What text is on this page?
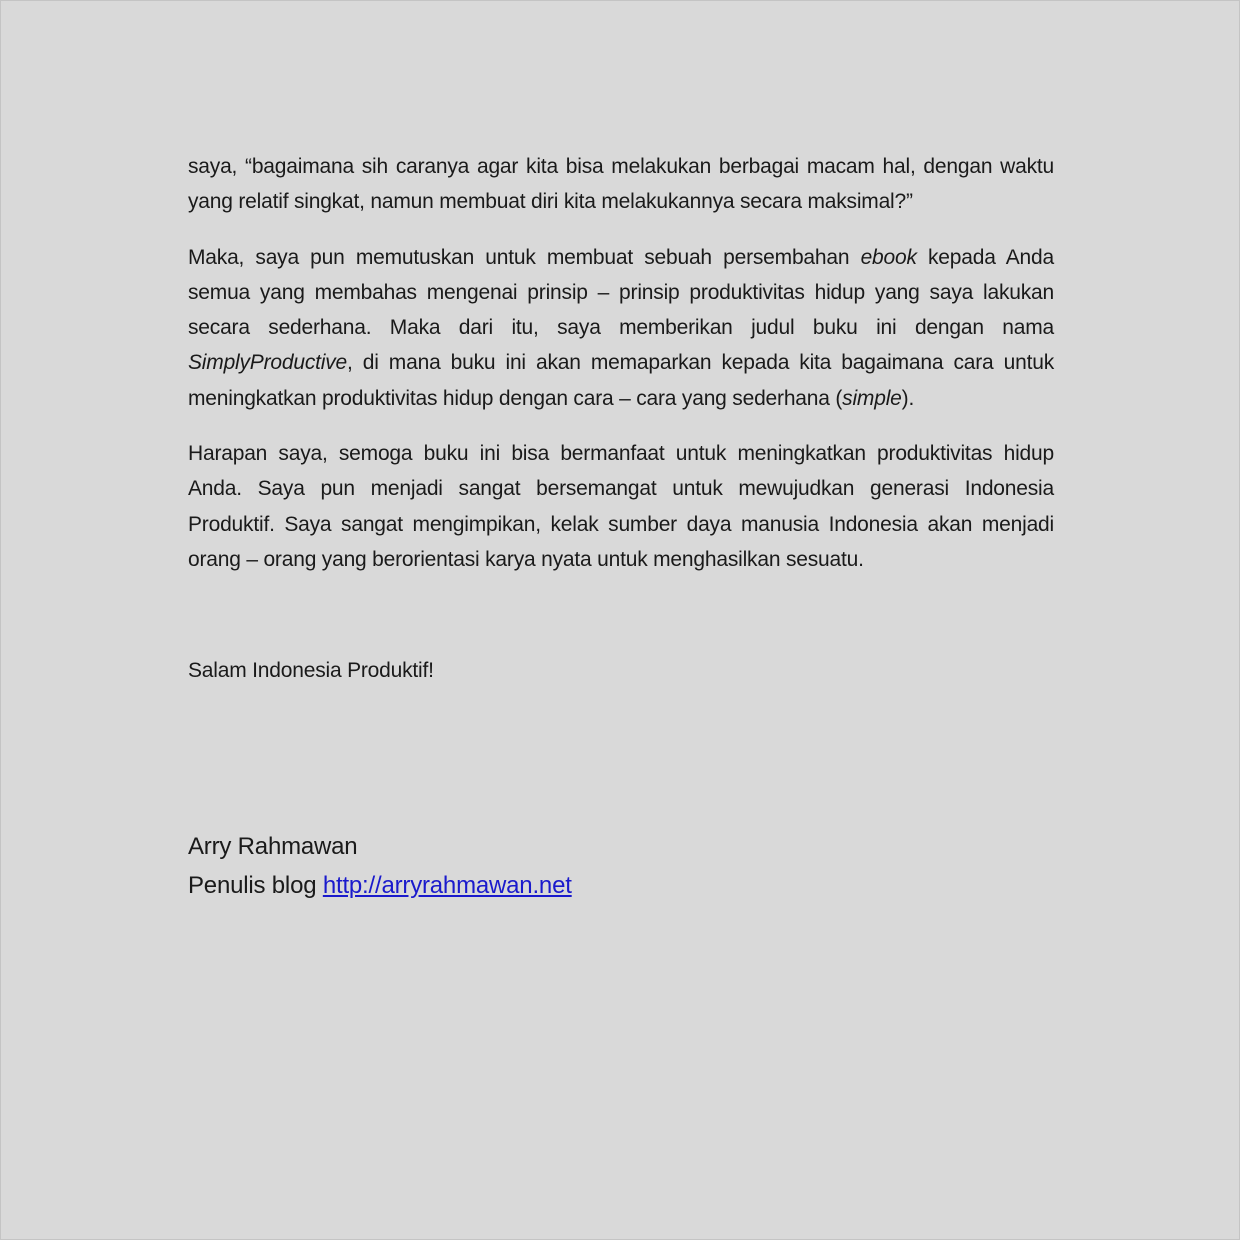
saya, “bagaimana sih caranya agar kita bisa melakukan berbagai macam hal, dengan waktu yang relatif singkat, namun membuat diri kita melakukannya secara maksimal?”

Maka, saya pun memutuskan untuk membuat sebuah persembahan ebook kepada Anda semua yang membahas mengenai prinsip – prinsip produktivitas hidup yang saya lakukan secara sederhana. Maka dari itu, saya memberikan judul buku ini dengan nama SimplyProductive, di mana buku ini akan memaparkan kepada kita bagaimana cara untuk meningkatkan produktivitas hidup dengan cara – cara yang sederhana (simple).

Harapan saya, semoga buku ini bisa bermanfaat untuk meningkatkan produktivitas hidup Anda. Saya pun menjadi sangat bersemangat untuk mewujudkan generasi Indonesia Produktif. Saya sangat mengimpikan, kelak sumber daya manusia Indonesia akan menjadi orang – orang yang berorientasi karya nyata untuk menghasilkan sesuatu.

Salam Indonesia Produktif!
Arry Rahmawan
Penulis blog http://arryrahmawan.net
